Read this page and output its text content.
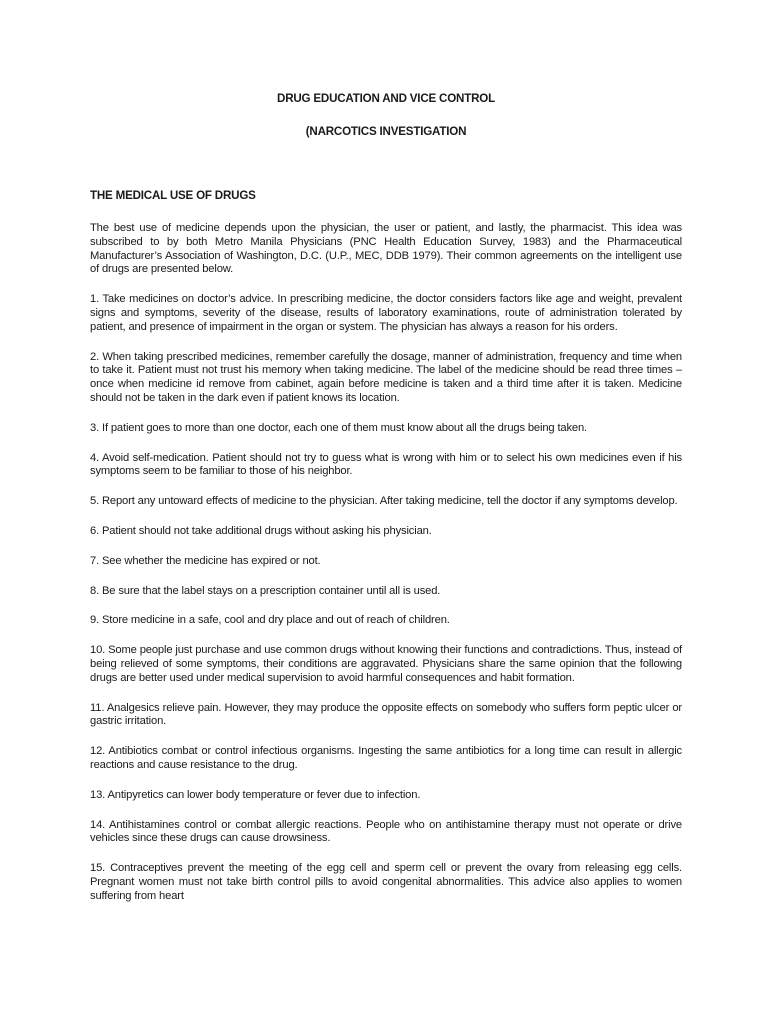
DRUG EDUCATION AND VICE CONTROL

(NARCOTICS INVESTIGATION

THE MEDICAL USE OF DRUGS

The best use of medicine depends upon the physician, the user or patient, and lastly, the pharmacist. This idea was subscribed to by both Metro Manila Physicians (PNC Health Education Survey, 1983) and the Pharmaceutical Manufacturer’s Association of Washington, D.C. (U.P., MEC, DDB 1979). Their common agreements on the intelligent use of drugs are presented below.

1. Take medicines on doctor’s advice. In prescribing medicine, the doctor considers factors like age and weight, prevalent signs and symptoms, severity of the disease, results of laboratory examinations, route of administration tolerated by patient, and presence of impairment in the organ or system. The physician has always a reason for his orders.

2. When taking prescribed medicines, remember carefully the dosage, manner of administration, frequency and time when to take it. Patient must not trust his memory when taking medicine. The label of the medicine should be read three times – once when medicine id remove from cabinet, again before medicine is taken and a third time after it is taken. Medicine should not be taken in the dark even if patient knows its location.

3. If patient goes to more than one doctor, each one of them must know about all the drugs being taken.

4. Avoid self-medication. Patient should not try to guess what is wrong with him or to select his own medicines even if his symptoms seem to be familiar to those of his neighbor.

5. Report any untoward effects of medicine to the physician. After taking medicine, tell the doctor if any symptoms develop.

6. Patient should not take additional drugs without asking his physician.

7. See whether the medicine has expired or not.

8. Be sure that the label stays on a prescription container until all is used.

9. Store medicine in a safe, cool and dry place and out of reach of children.

10. Some people just purchase and use common drugs without knowing their functions and contradictions. Thus, instead of being relieved of some symptoms, their conditions are aggravated. Physicians share the same opinion that the following drugs are better used under medical supervision to avoid harmful consequences and habit formation.

11. Analgesics relieve pain. However, they may produce the opposite effects on somebody who suffers form peptic ulcer or gastric irritation.

12. Antibiotics combat or control infectious organisms. Ingesting the same antibiotics for a long time can result in allergic reactions and cause resistance to the drug.

13. Antipyretics can lower body temperature or fever due to infection.

14. Antihistamines control or combat allergic reactions. People who on antihistamine therapy must not operate or drive vehicles since these drugs can cause drowsiness.

15. Contraceptives prevent the meeting of the egg cell and sperm cell or prevent the ovary from releasing egg cells. Pregnant women must not take birth control pills to avoid congenital abnormalities. This advice also applies to women suffering from heart
